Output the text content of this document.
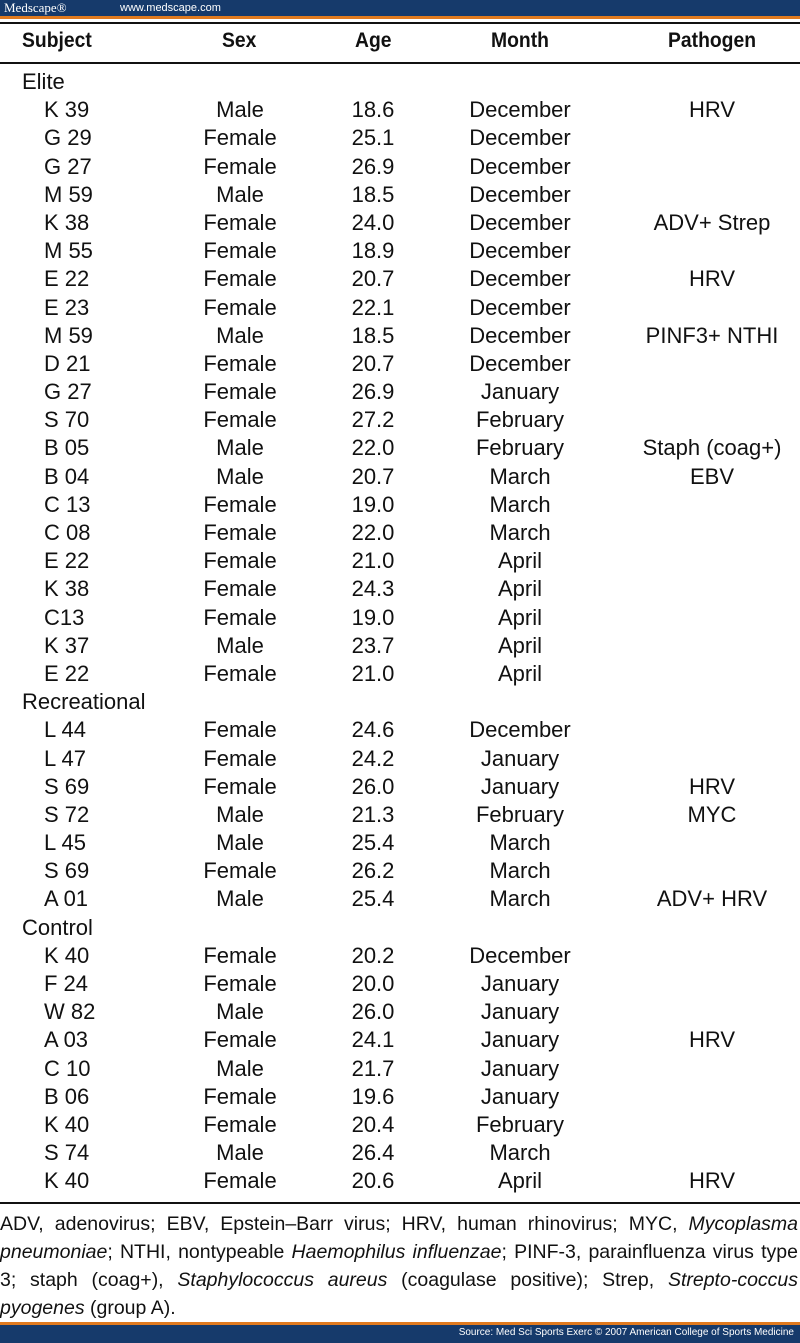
Medscape®	www.medscape.com
Subject	Sex	Age	Month	Pathogen
Elite
K 39	Male	18.6	December	HRV
G 29	Female	25.1	December
G 27	Female	26.9	December
M 59	Male	18.5	December
K 38	Female	24.0	December	ADV+ Strep
M 55	Female	18.9	December
E 22	Female	20.7	December	HRV
E 23	Female	22.1	December
M 59	Male	18.5	December	PINF3+ NTHI
D 21	Female	20.7	December
G 27	Female	26.9	January
S 70	Female	27.2	February
B 05	Male	22.0	February	Staph (coag+)
B 04	Male	20.7	March	EBV
C 13	Female	19.0	March
C 08	Female	22.0	March
E 22	Female	21.0	April
K 38	Female	24.3	April
C13	Female	19.0	April
K 37	Male	23.7	April
E 22	Female	21.0	April
Recreational
L 44	Female	24.6	December
L 47	Female	24.2	January
S 69	Female	26.0	January	HRV
S 72	Male	21.3	February	MYC
L 45	Male	25.4	March
S 69	Female	26.2	March
A 01	Male	25.4	March	ADV+ HRV
Control
K 40	Female	20.2	December
F 24	Female	20.0	January
W 82	Male	26.0	January
A 03	Female	24.1	January	HRV
C 10	Male	21.7	January
B 06	Female	19.6	January
K 40	Female	20.4	February
S 74	Male	26.4	March
K 40	Female	20.6	April	HRV
ADV, adenovirus; EBV, Epstein–Barr virus; HRV, human rhinovirus; MYC, Mycoplasma pneumoniae; NTHI, nontypeable Haemophilus influenzae; PINF-3, parainfluenza virus type 3; staph (coag+), Staphylococcus aureus (coagulase positive); Strep, Strepto-coccus pyogenes (group A).
Source: Med Sci Sports Exerc © 2007 American College of Sports Medicine
